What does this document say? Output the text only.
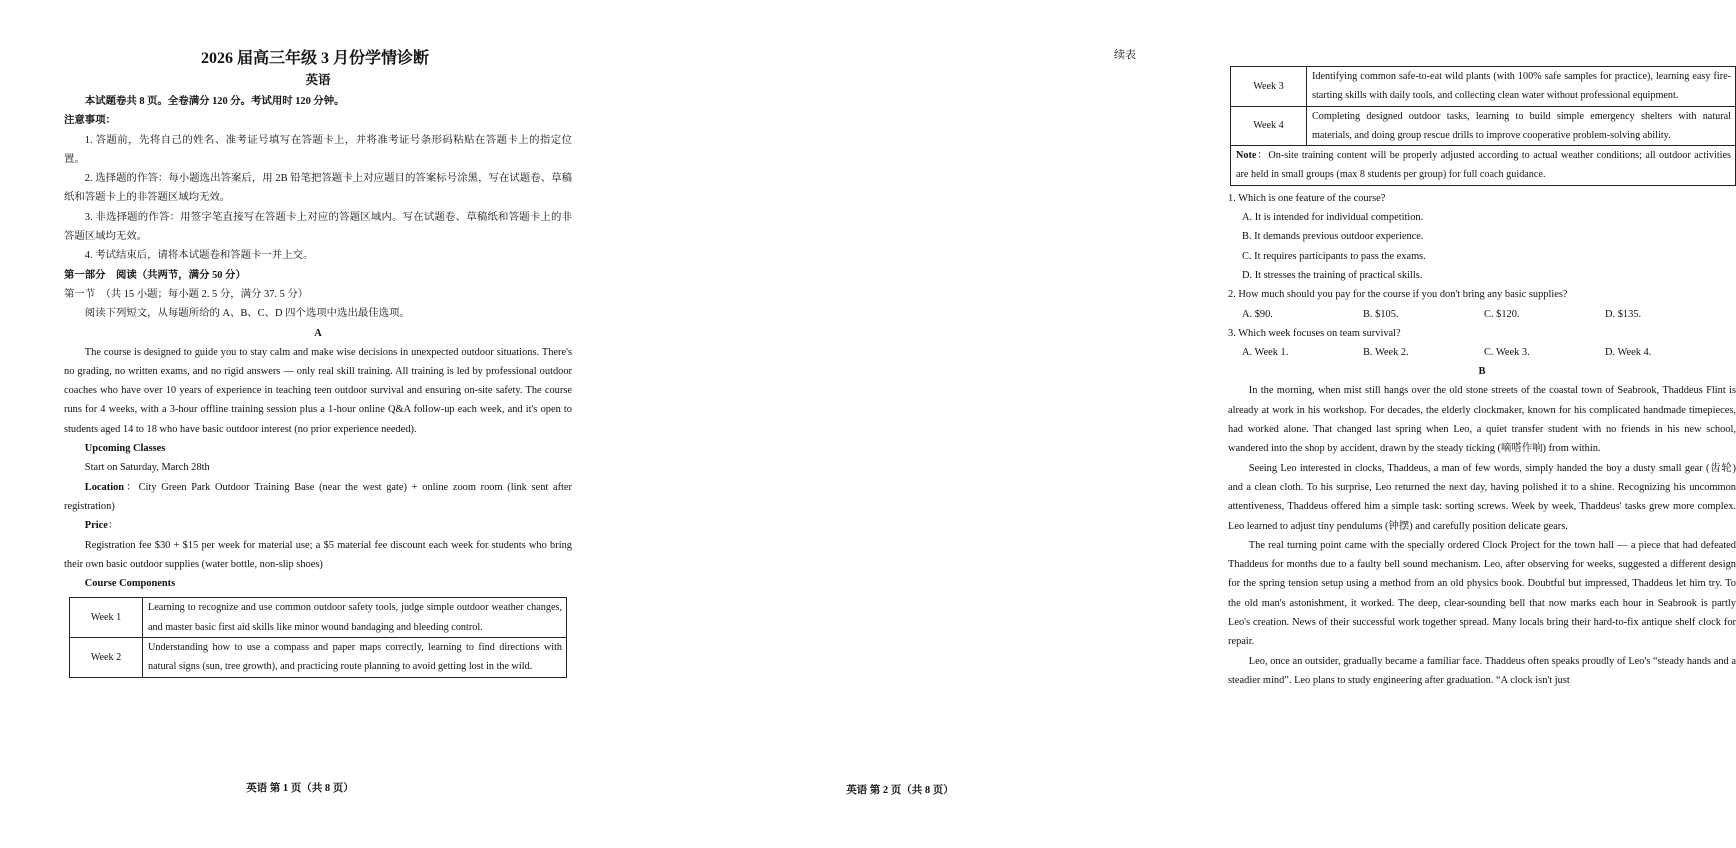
2026 届高三年级 3 月份学情诊断
英语
本试题卷共 8 页。全卷满分 120 分。考试用时 120 分钟。
注意事项：
1. 答题前，先将自己的姓名、准考证号填写在答题卡上，并将准考证号条形码粘贴在答题卡上的指定位置。
2. 选择题的作答：每小题选出答案后，用 2B 铅笔把答题卡上对应题目的答案标号涂黑，写在试题卷、草稿纸和答题卡上的非答题区域均无效。
3. 非选择题的作答：用签字笔直接写在答题卡上对应的答题区域内。写在试题卷、草稿纸和答题卡上的非答题区域均无效。
4. 考试结束后，请将本试题卷和答题卡一并上交。
第一部分　阅读（共两节，满分 50 分）
第一节　（共 15 小题；每小题 2. 5 分，满分 37. 5 分）
阅读下列短文，从每题所给的 A、B、C、D 四个选项中选出最佳选项。
A
The course is designed to guide you to stay calm and make wise decisions in unexpected outdoor situations. There's no grading, no written exams, and no rigid answers — only real skill training. All training is led by professional outdoor coaches who have over 10 years of experience in teaching teen outdoor survival and ensuring on-site safety. The course runs for 4 weeks, with a 3-hour offline training session plus a 1-hour online Q&A follow-up each week, and it's open to students aged 14 to 18 who have basic outdoor interest (no prior experience needed).
Upcoming Classes
Start on Saturday, March 28th
Location：City Green Park Outdoor Training Base (near the west gate) + online zoom room (link sent after registration)
Price：
Registration fee $30 + $15 per week for material use; a $5 material fee discount each week for students who bring their own basic outdoor supplies (water bottle, non-slip shoes)
Course Components
Week 1	Learning to recognize and use common outdoor safety tools, judge simple outdoor weather changes, and master basic first aid skills like minor wound bandaging and bleeding control.
Week 2	Understanding how to use a compass and paper maps correctly, learning to find directions with natural signs (sun, tree growth), and practicing route planning to avoid getting lost in the wild.
英语 第 1 页（共 8 页）
续表
Week 3	Identifying common safe-to-eat wild plants (with 100% safe samples for practice), learning easy fire-starting skills with daily tools, and collecting clean water without professional equipment.
Week 4	Completing designed outdoor tasks, learning to build simple emergency shelters with natural materials, and doing group rescue drills to improve cooperative problem-solving ability.
Note：On-site training content will be properly adjusted according to actual weather conditions; all outdoor activities are held in small groups (max 8 students per group) for full coach guidance.	
1. Which is one feature of the course?
A. It is intended for individual competition.
B. It demands previous outdoor experience.
C. It requires participants to pass the exams.
D. It stresses the training of practical skills.
2. How much should you pay for the course if you don't bring any basic supplies?
A. $90.	B. $105.	C. $120.	D. $135.
3. Which week focuses on team survival?
A. Week 1.	B. Week 2.	C. Week 3.	D. Week 4.
B
In the morning, when mist still hangs over the old stone streets of the coastal town of Seabrook, Thaddeus Flint is already at work in his workshop. For decades, the elderly clockmaker, known for his complicated handmade timepieces, had worked alone. That changed last spring when Leo, a quiet transfer student with no friends in his new school, wandered into the shop by accident, drawn by the steady ticking (嘀嗒作响) from within.
Seeing Leo interested in clocks, Thaddeus, a man of few words, simply handed the boy a dusty small gear (齿轮) and a clean cloth. To his surprise, Leo returned the next day, having polished it to a shine. Recognizing his uncommon attentiveness, Thaddeus offered him a simple task: sorting screws. Week by week, Thaddeus' tasks grew more complex. Leo learned to adjust tiny pendulums (钟摆) and carefully position delicate gears.
The real turning point came with the specially ordered Clock Project for the town hall — a piece that had defeated Thaddeus for months due to a faulty bell sound mechanism. Leo, after observing for weeks, suggested a different design for the spring tension setup using a method from an old physics book. Doubtful but impressed, Thaddeus let him try. To the old man's astonishment, it worked. The deep, clear-sounding bell that now marks each hour in Seabrook is partly Leo's creation. News of their successful work together spread. Many locals bring their hard-to-fix antique shelf clock for repair.
Leo, once an outsider, gradually became a familiar face. Thaddeus often speaks proudly of Leo's “steady hands and a steadier mind”. Leo plans to study engineering after graduation. “A clock isn't just
英语 第 2 页（共 8 页）
